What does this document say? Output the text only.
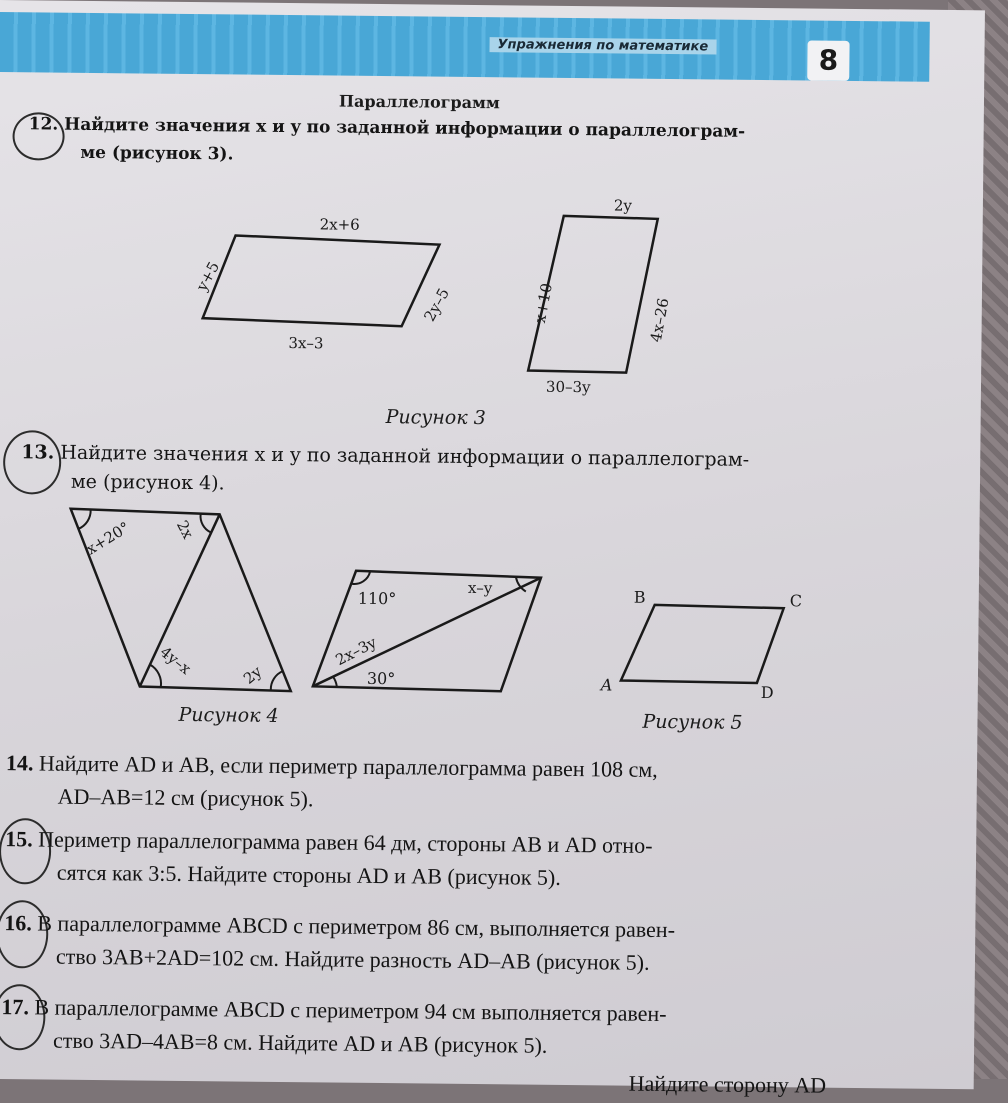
Упражнения по математике	8
Параллелограмм
12. Найдите значения x и y по заданной информации о параллелограм-
ме (рисунок 3).
2x+6
y+5
2y–5
3x–3
2y
x+10	4x–26
30–3y
Рисунок 3
13. Найдите значения x и y по заданной информации о параллелограм-
ме (рисунок 4).
x+20°	2x
4y–x	2y
110°
x–y
2x–3y
30°
Рисунок 4
B	C
A	D
Рисунок 5
14. Найдите AD и AB, если периметр параллелограмма равен 108 см,
AD–AB=12 см (рисунок 5).
15. Периметр параллелограмма равен 64 дм, стороны AB и AD отно-
сятся как 3:5. Найдите стороны AD и AB (рисунок 5).
16. В параллелограмме ABCD с периметром 86 см, выполняется равен-
ство 3AB+2AD=102 см. Найдите разность AD–AB (рисунок 5).
17. В параллелограмме ABCD с периметром 94 см выполняется равен-
ство 3AD–4AB=8 см. Найдите AD и AB (рисунок 5).
Найдите сторону AD
